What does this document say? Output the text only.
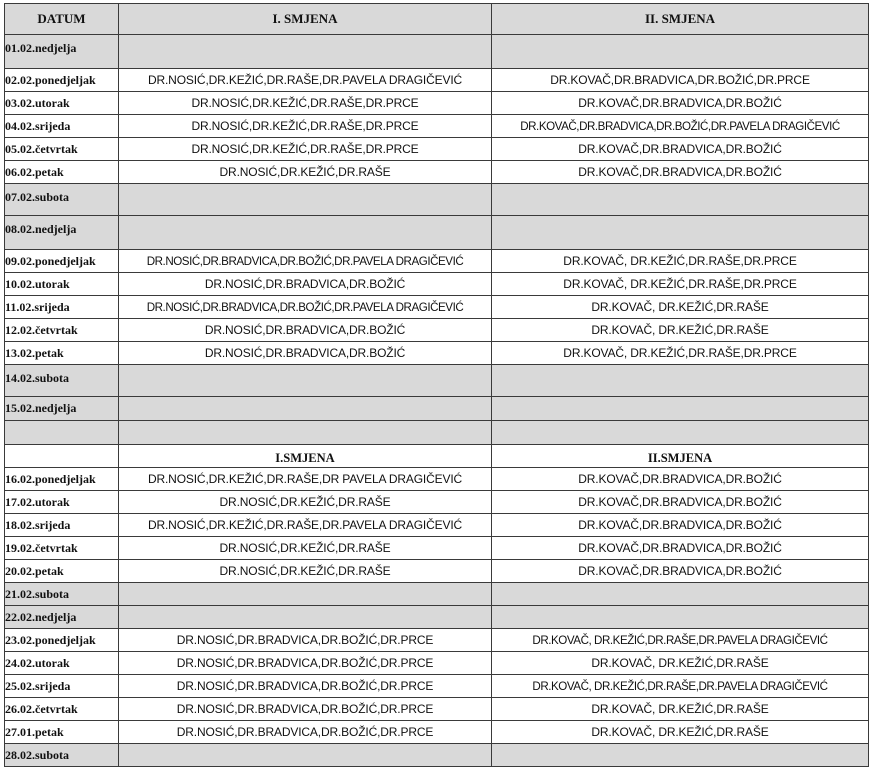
DATUM	I. SMJENA	II. SMJENA
01.02.nedjelja		
02.02.ponedjeljak	DR.NOSIĆ,DR.KEŽIĆ,DR.RAŠE,DR.PAVELA DRAGIČEVIĆ	DR.KOVAČ,DR.BRADVICA,DR.BOŽIĆ,DR.PRCE
03.02.utorak	DR.NOSIĆ,DR.KEŽIĆ,DR.RAŠE,DR.PRCE	DR.KOVAČ,DR.BRADVICA,DR.BOŽIĆ
04.02.srijeda	DR.NOSIĆ,DR.KEŽIĆ,DR.RAŠE,DR.PRCE	DR.KOVAČ,DR.BRADVICA,DR.BOŽIĆ,DR.PAVELA DRAGIČEVIĆ
05.02.četvrtak	DR.NOSIĆ,DR.KEŽIĆ,DR.RAŠE,DR.PRCE	DR.KOVAČ,DR.BRADVICA,DR.BOŽIĆ
06.02.petak	DR.NOSIĆ,DR.KEŽIĆ,DR.RAŠE	DR.KOVAČ,DR.BRADVICA,DR.BOŽIĆ
07.02.subota		
08.02.nedjelja		
09.02.ponedjeljak	DR.NOSIĆ,DR.BRADVICA,DR.BOŽIĆ,DR.PAVELA DRAGIČEVIĆ	DR.KOVAČ, DR.KEŽIĆ,DR.RAŠE,DR.PRCE
10.02.utorak	DR.NOSIĆ,DR.BRADVICA,DR.BOŽIĆ	DR.KOVAČ, DR.KEŽIĆ,DR.RAŠE,DR.PRCE
11.02.srijeda	DR.NOSIĆ,DR.BRADVICA,DR.BOŽIĆ,DR.PAVELA DRAGIČEVIĆ	DR.KOVAČ, DR.KEŽIĆ,DR.RAŠE
12.02.četvrtak	DR.NOSIĆ,DR.BRADVICA,DR.BOŽIĆ	DR.KOVAČ, DR.KEŽIĆ,DR.RAŠE
13.02.petak	DR.NOSIĆ,DR.BRADVICA,DR.BOŽIĆ	DR.KOVAČ, DR.KEŽIĆ,DR.RAŠE,DR.PRCE
14.02.subota		
15.02.nedjelja		

	I.SMJENA	II.SMJENA
16.02.ponedjeljak	DR.NOSIĆ,DR.KEŽIĆ,DR.RAŠE,DR PAVELA DRAGIČEVIĆ	DR.KOVAČ,DR.BRADVICA,DR.BOŽIĆ
17.02.utorak	DR.NOSIĆ,DR.KEŽIĆ,DR.RAŠE	DR.KOVAČ,DR.BRADVICA,DR.BOŽIĆ
18.02.srijeda	DR.NOSIĆ,DR.KEŽIĆ,DR.RAŠE,DR.PAVELA DRAGIČEVIĆ	DR.KOVAČ,DR.BRADVICA,DR.BOŽIĆ
19.02.četvrtak	DR.NOSIĆ,DR.KEŽIĆ,DR.RAŠE	DR.KOVAČ,DR.BRADVICA,DR.BOŽIĆ
20.02.petak	DR.NOSIĆ,DR.KEŽIĆ,DR.RAŠE	DR.KOVAČ,DR.BRADVICA,DR.BOŽIĆ
21.02.subota		
22.02.nedjelja		
23.02.ponedjeljak	DR.NOSIĆ,DR.BRADVICA,DR.BOŽIĆ,DR.PRCE	DR.KOVAČ, DR.KEŽIĆ,DR.RAŠE,DR.PAVELA DRAGIČEVIĆ
24.02.utorak	DR.NOSIĆ,DR.BRADVICA,DR.BOŽIĆ,DR.PRCE	DR.KOVAČ, DR.KEŽIĆ,DR.RAŠE
25.02.srijeda	DR.NOSIĆ,DR.BRADVICA,DR.BOŽIĆ,DR.PRCE	DR.KOVAČ, DR.KEŽIĆ,DR.RAŠE,DR.PAVELA DRAGIČEVIĆ
26.02.četvrtak	DR.NOSIĆ,DR.BRADVICA,DR.BOŽIĆ,DR.PRCE	DR.KOVAČ, DR.KEŽIĆ,DR.RAŠE
27.01.petak	DR.NOSIĆ,DR.BRADVICA,DR.BOŽIĆ,DR.PRCE	DR.KOVAČ, DR.KEŽIĆ,DR.RAŠE
28.02.subota		
